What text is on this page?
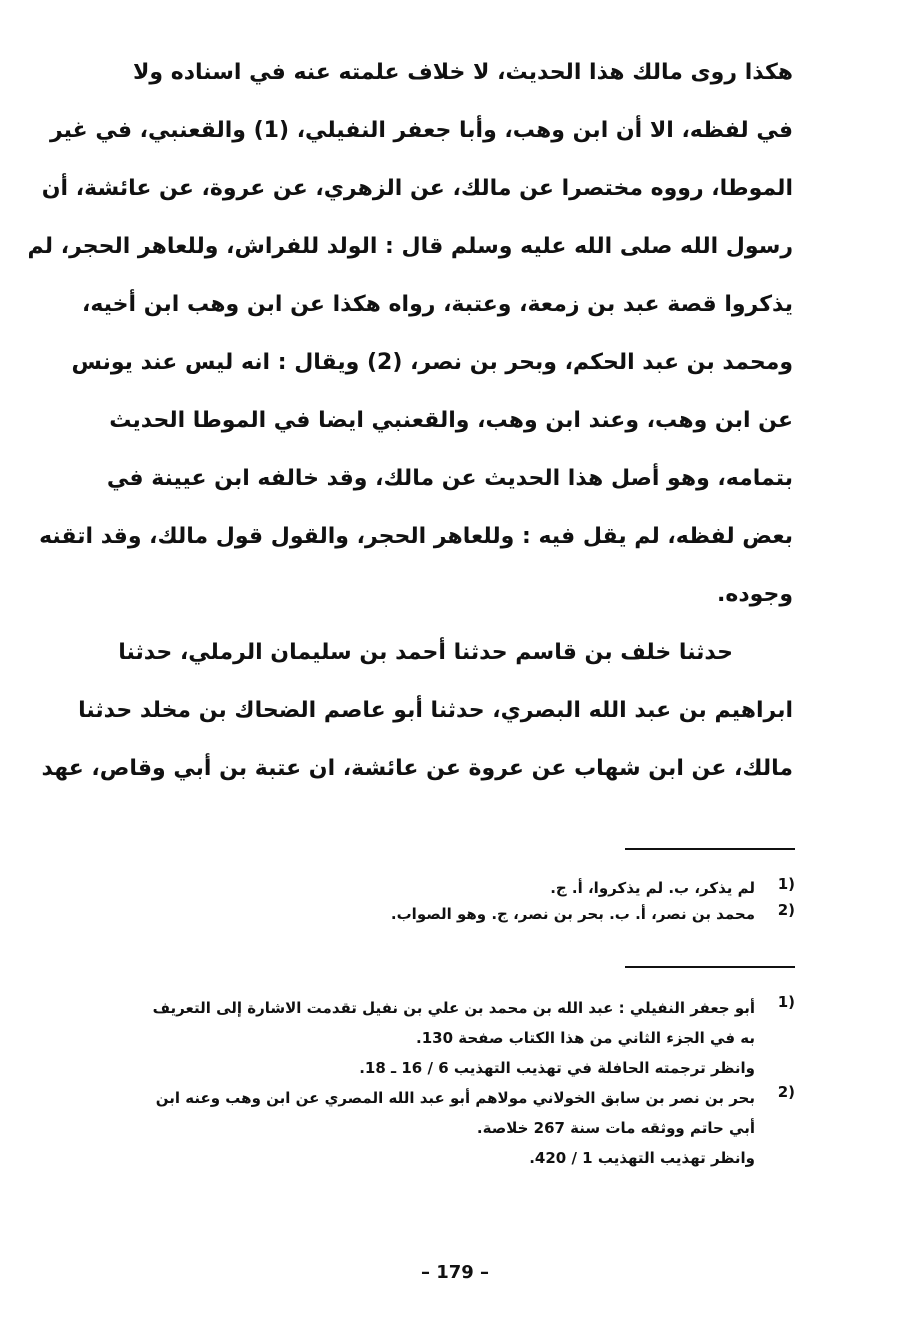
هكذا روى مالك هذا الحديث، لا خلاف علمته عنه في اسناده ولا
في لفظه، الا أن ابن وهب، وأبا جعفر النفيلي، (1) والقعنبي، في غير
الموطا، رووه مختصرا عن مالك، عن الزهري، عن عروة، عن عائشة، أن
رسول الله صلى الله عليه وسلم قال : الولد للفراش، وللعاهر الحجر، لم
يذكروا قصة عبد بن زمعة، وعتبة، رواه هكذا عن ابن وهب ابن أخيه،
ومحمد بن عبد الحكم، وبحر بن نصر، (2) ويقال : انه ليس عند يونس
عن ابن وهب، وعند ابن وهب، والقعنبي ايضا في الموطا الحديث
بتمامه، وهو أصل هذا الحديث عن مالك، وقد خالفه ابن عيينة في
بعض لفظه، لم يقل فيه : وللعاهر الحجر، والقول قول مالك، وقد اتقنه
وجوده.
حدثنا خلف بن قاسم حدثنا أحمد بن سليمان الرملي، حدثنا
ابراهيم بن عبد الله البصري، حدثنا أبو عاصم الضحاك بن مخلد حدثنا
مالك، عن ابن شهاب عن عروة عن عائشة، ان عتبة بن أبي وقاص، عهد
(1
لم يذكر، ب. لم يذكروا، أ. ج.
(2
محمد بن نصر، أ. ب. بحر بن نصر، ج. وهو الصواب.
(1
أبو جعفر النفيلي : عبد الله بن محمد بن علي بن نفيل تقدمت الاشارة إلى التعريف
به في الجزء الثاني من هذا الكتاب صفحة 130.
وانظر ترجمته الحافلة في تهذيب التهذيب 6 / 16 ـ 18.
(2
بحر بن نصر بن سابق الخولاني مولاهم أبو عبد الله المصري عن ابن وهب وعنه ابن
أبي حاتم ووثقه مات سنة 267 خلاصة.
وانظر تهذيب التهذيب 1 / 420.
– 179 –
